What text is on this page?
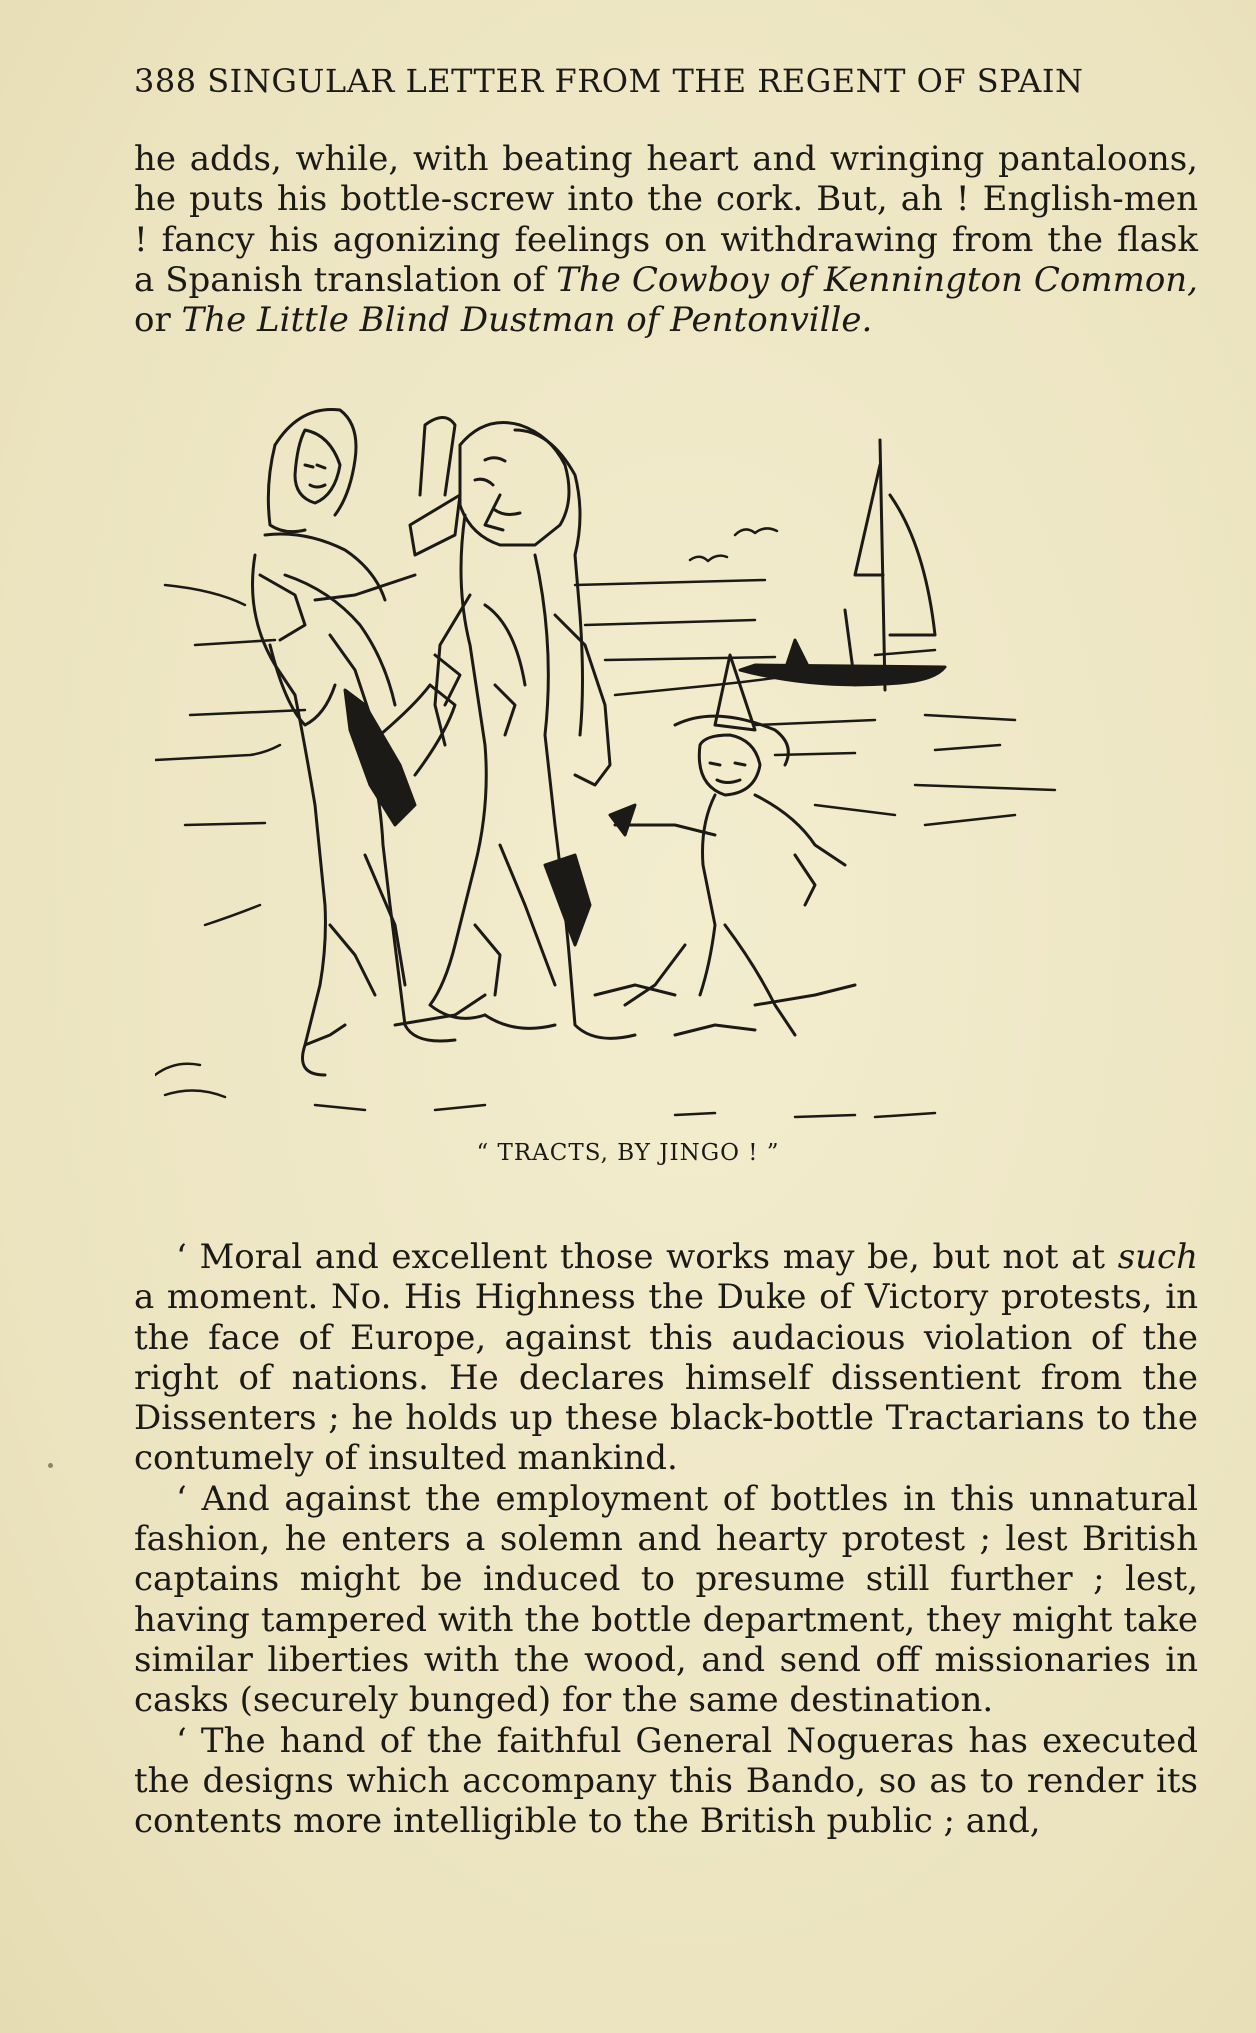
388 SINGULAR LETTER FROM THE REGENT OF SPAIN

he adds, while, with beating heart and wringing pantaloons, he puts his bottle-screw into the cork. But, ah ! English-men ! fancy his agonizing feelings on withdrawing from the flask a Spanish translation of The Cowboy of Kennington Common, or The Little Blind Dustman of Pentonville.

“ TRACTS, BY JINGO ! ”

‘ Moral and excellent those works may be, but not at such a moment. No. His Highness the Duke of Victory protests, in the face of Europe, against this audacious violation of the right of nations. He declares himself dissentient from the Dissenters ; he holds up these black-bottle Tractarians to the contumely of insulted mankind.

‘ And against the employment of bottles in this unnatural fashion, he enters a solemn and hearty protest ; lest British captains might be induced to presume still further ; lest, having tampered with the bottle department, they might take similar liberties with the wood, and send off missionaries in casks (securely bunged) for the same destination.

‘ The hand of the faithful General Nogueras has executed the designs which accompany this Bando, so as to render its contents more intelligible to the British public ; and,
